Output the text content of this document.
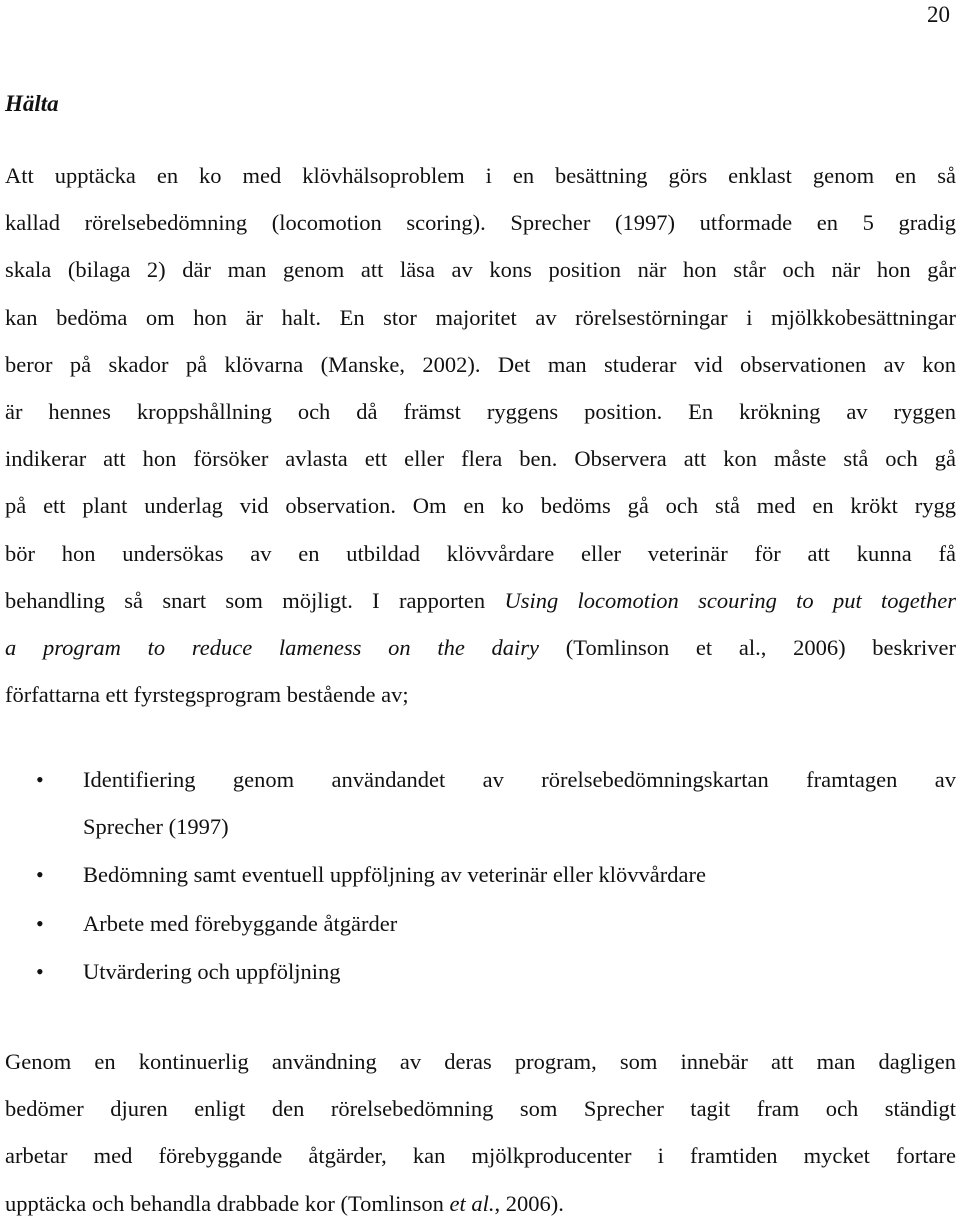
20
Hälta
Att upptäcka en ko med klövhälsoproblem i en besättning görs enklast genom en så
kallad rörelsebedömning (locomotion scoring). Sprecher (1997) utformade en 5 gradig
skala (bilaga 2) där man genom att läsa av kons position när hon står och när hon går
kan bedöma om hon är halt. En stor majoritet av rörelsestörningar i mjölkkobesättningar
beror på skador på klövarna (Manske, 2002). Det man studerar vid observationen av kon
är hennes kroppshållning och då främst ryggens position. En krökning av ryggen
indikerar att hon försöker avlasta ett eller flera ben. Observera att kon måste stå och gå
på ett plant underlag vid observation. Om en ko bedöms gå och stå med en krökt rygg
bör hon undersökas av en utbildad klövvårdare eller veterinär för att kunna få
behandling så snart som möjligt. I rapporten Using locomotion scouring to put together
a program to reduce lameness on the dairy (Tomlinson et al., 2006) beskriver
författarna ett fyrstegsprogram bestående av;
• Identifiering genom användandet av rörelsebedömningskartan framtagen av
Sprecher (1997)
• Bedömning samt eventuell uppföljning av veterinär eller klövvårdare
• Arbete med förebyggande åtgärder
• Utvärdering och uppföljning
Genom en kontinuerlig användning av deras program, som innebär att man dagligen
bedömer djuren enligt den rörelsebedömning som Sprecher tagit fram och ständigt
arbetar med förebyggande åtgärder, kan mjölkproducenter i framtiden mycket fortare
upptäcka och behandla drabbade kor (Tomlinson et al., 2006).
